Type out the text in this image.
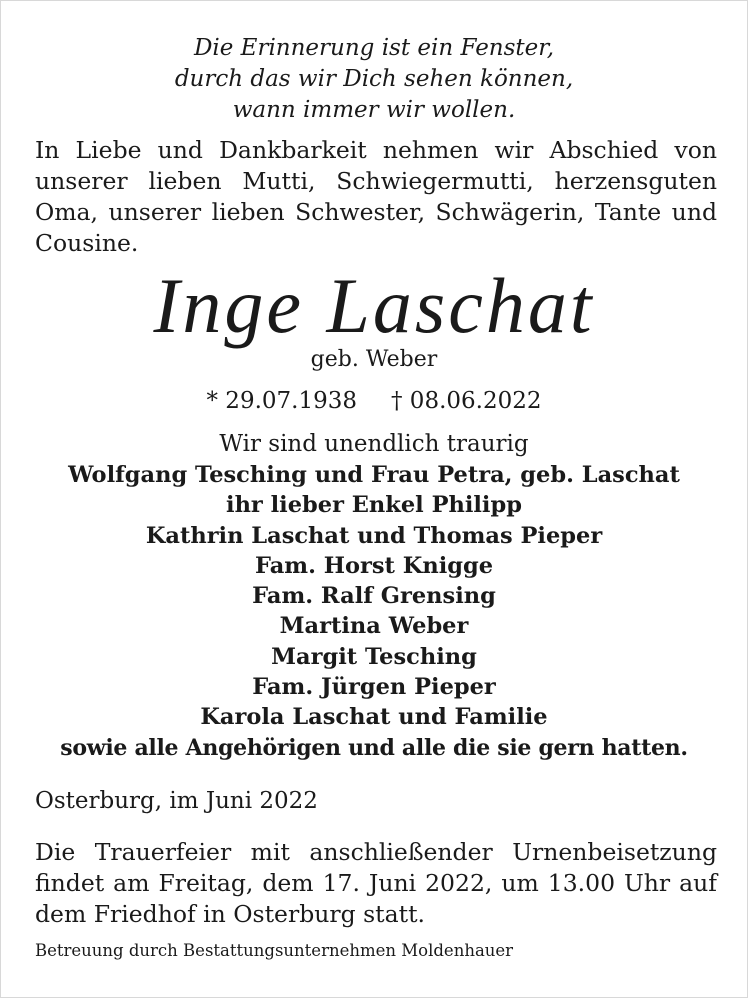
Die Erinnerung ist ein Fenster,
durch das wir Dich sehen können,
wann immer wir wollen.
In Liebe und Dankbarkeit nehmen wir Abschied von unserer lieben Mutti, Schwiegermutti, herzensguten Oma, unserer lieben Schwester, Schwägerin, Tante und Cousine.
Inge Laschat
geb. Weber
* 29.07.1938 † 08.06.2022
Wir sind unendlich traurig
Wolfgang Tesching und Frau Petra, geb. Laschat
ihr lieber Enkel Philipp
Kathrin Laschat und Thomas Pieper
Fam. Horst Knigge
Fam. Ralf Grensing
Martina Weber
Margit Tesching
Fam. Jürgen Pieper
Karola Laschat und Familie
sowie alle Angehörigen und alle die sie gern hatten.
Osterburg, im Juni 2022
Die Trauerfeier mit anschließender Urnenbeisetzung findet am Freitag, dem 17. Juni 2022, um 13.00 Uhr auf dem Friedhof in Osterburg statt.
Betreuung durch Bestattungsunternehmen Moldenhauer
